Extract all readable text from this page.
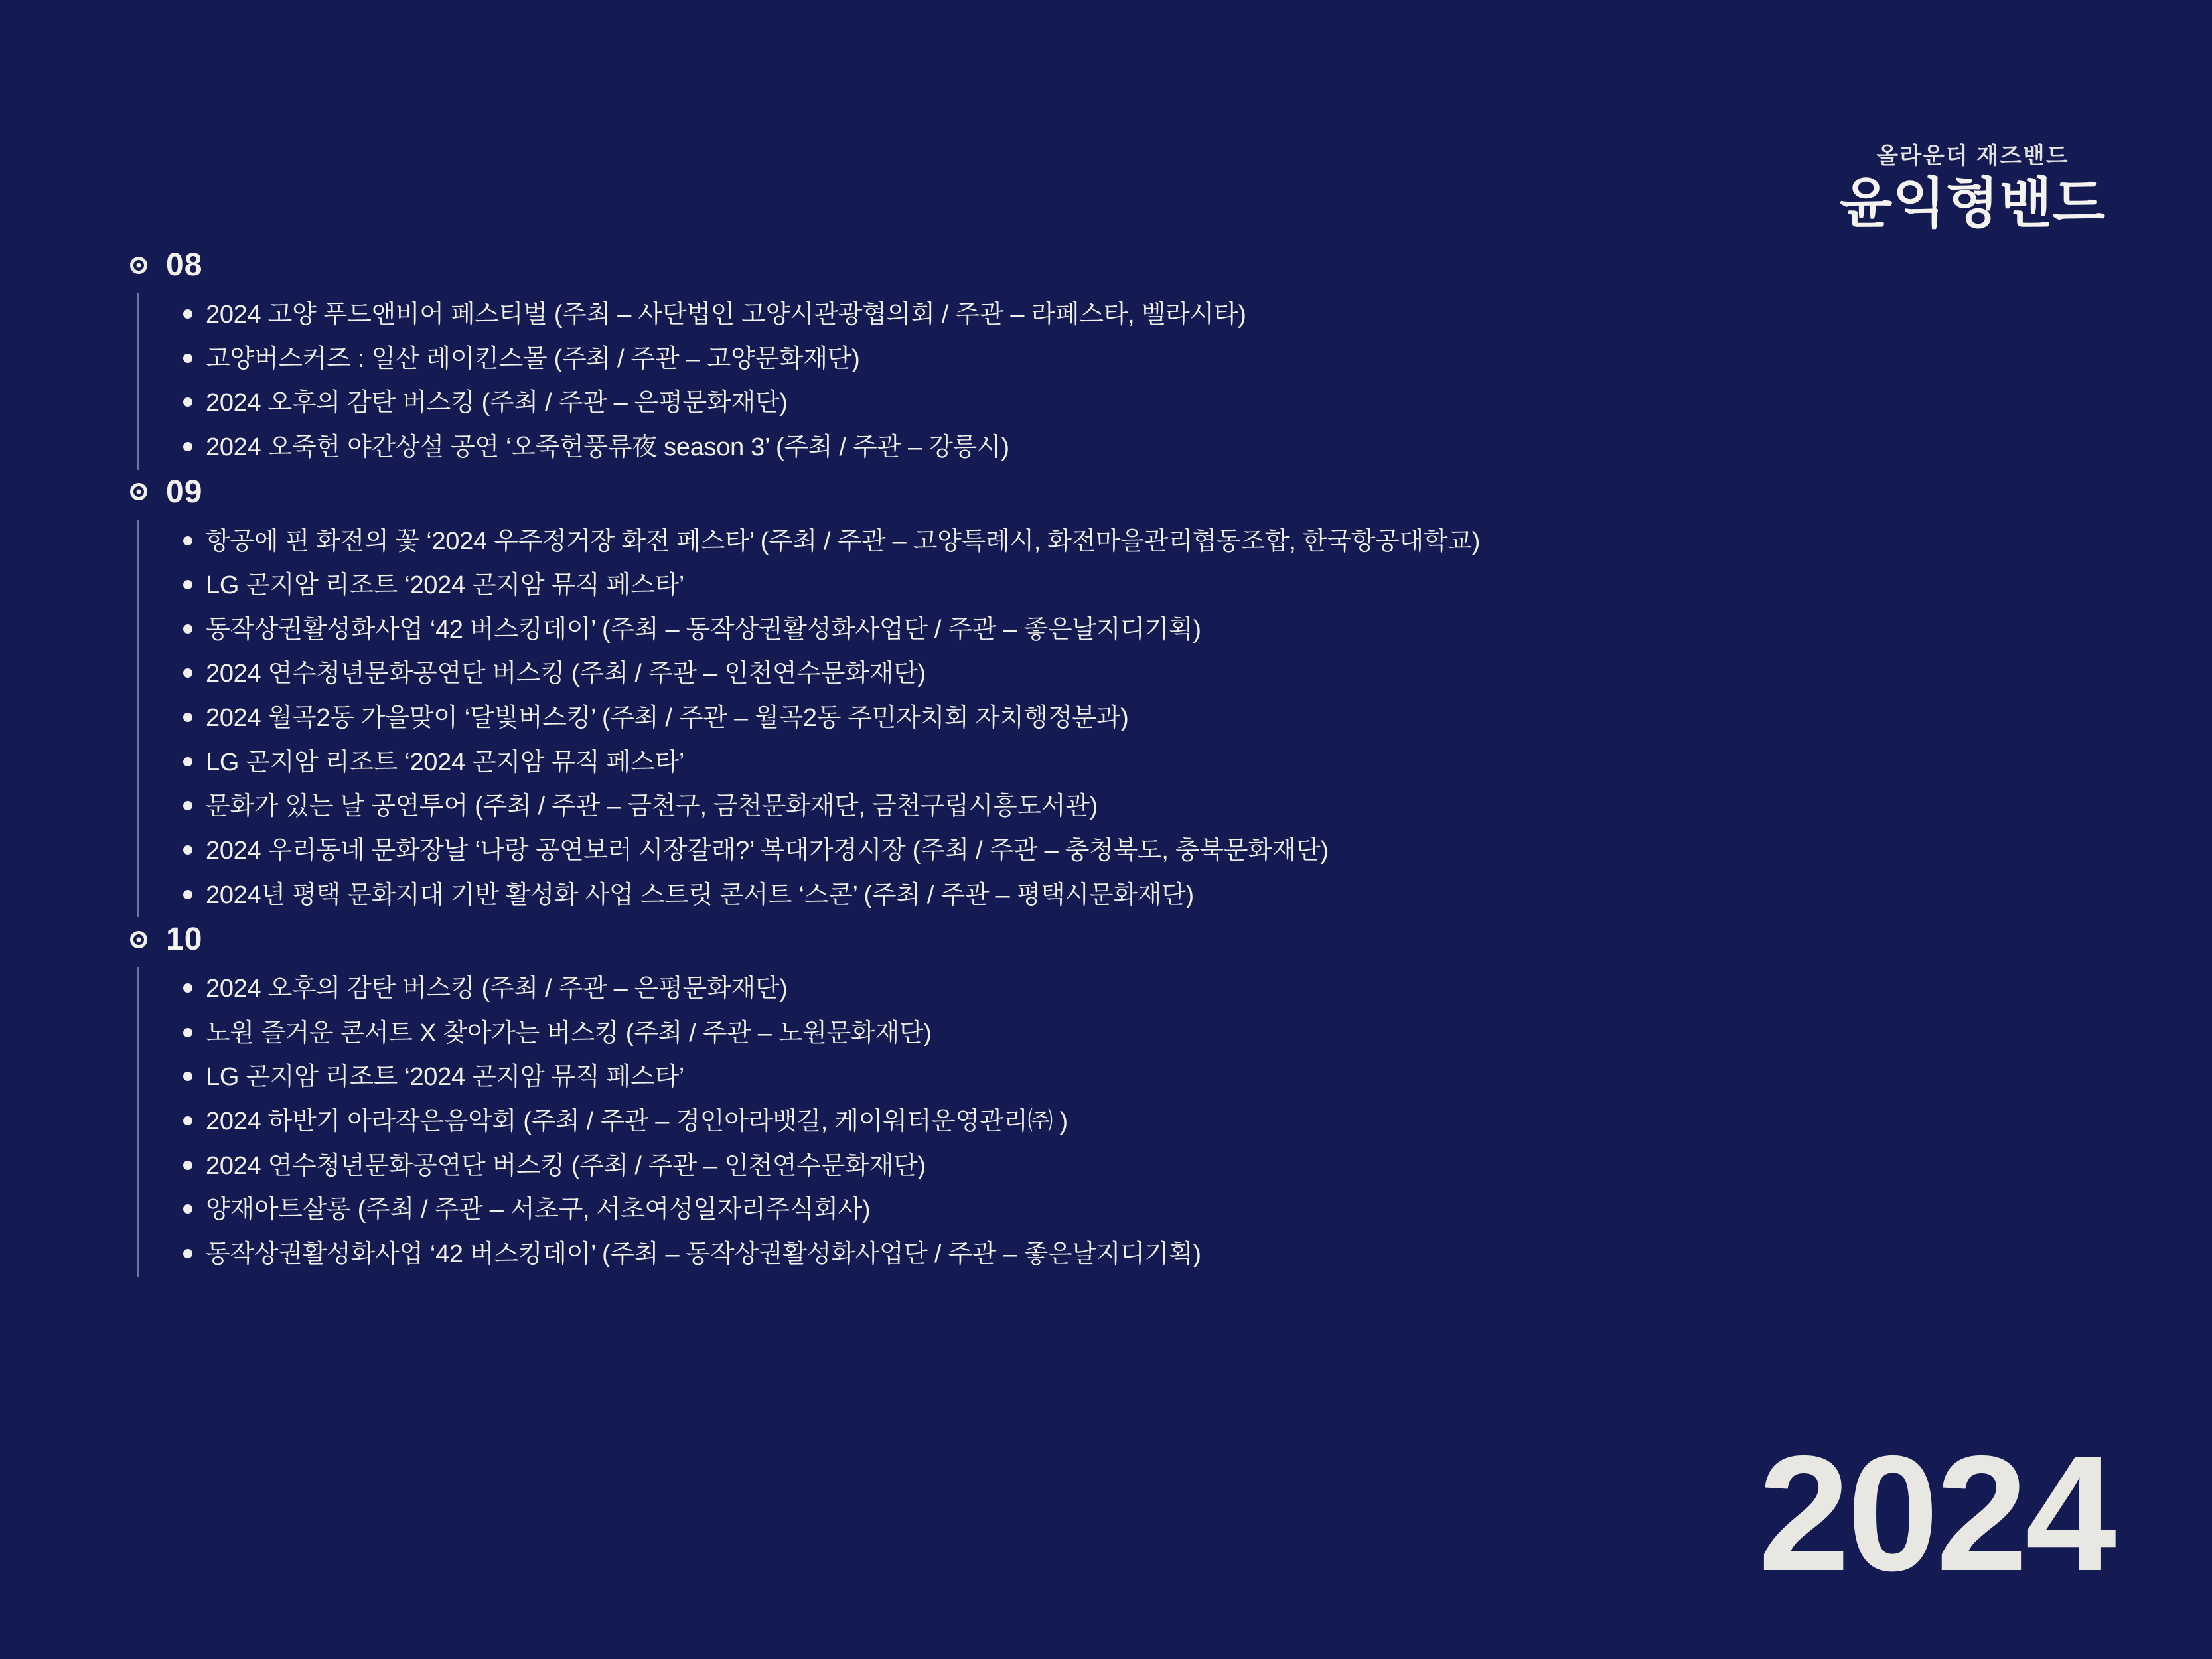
올라운더 재즈밴드
윤익형밴드
2024
08
2024 고양 푸드앤비어 페스티벌 (주최 – 사단법인 고양시관광협의회 / 주관 – 라페스타, 벨라시타)
고양버스커즈 : 일산 레이킨스몰 (주최 / 주관 – 고양문화재단)
2024 오후의 감탄 버스킹 (주최 / 주관 – 은평문화재단)
2024 오죽헌 야간상설 공연 ‘오죽헌풍류夜 season 3’ (주최 / 주관 – 강릉시)
09
항공에 핀 화전의 꽃 ‘2024 우주정거장 화전 페스타’ (주최 / 주관 – 고양특례시, 화전마을관리협동조합, 한국항공대학교)
LG 곤지암 리조트 ‘2024 곤지암 뮤직 페스타’
동작상권활성화사업 ‘42 버스킹데이’ (주최 – 동작상권활성화사업단 / 주관 – 좋은날지디기획)
2024 연수청년문화공연단 버스킹 (주최 / 주관 – 인천연수문화재단)
2024 월곡2동 가을맞이 ‘달빛버스킹’ (주최 / 주관 – 월곡2동 주민자치회 자치행정분과)
LG 곤지암 리조트 ‘2024 곤지암 뮤직 페스타’
문화가 있는 날 공연투어 (주최 / 주관 – 금천구, 금천문화재단, 금천구립시흥도서관)
2024 우리동네 문화장날 ‘나랑 공연보러 시장갈래?’ 복대가경시장 (주최 / 주관 – 충청북도, 충북문화재단)
2024년 평택 문화지대 기반 활성화 사업 스트릿 콘서트 ‘스콘’ (주최 / 주관 – 평택시문화재단)
10
2024 오후의 감탄 버스킹 (주최 / 주관 – 은평문화재단)
노원 즐거운 콘서트 X 찾아가는 버스킹 (주최 / 주관 – 노원문화재단)
LG 곤지암 리조트 ‘2024 곤지암 뮤직 페스타’
2024 하반기 아라작은음악회 (주최 / 주관 – 경인아라뱃길, 케이워터운영관리㈜ )
2024 연수청년문화공연단 버스킹 (주최 / 주관 – 인천연수문화재단)
양재아트살롱 (주최 / 주관 – 서초구, 서초여성일자리주식회사)
동작상권활성화사업 ‘42 버스킹데이’ (주최 – 동작상권활성화사업단 / 주관 – 좋은날지디기획)
